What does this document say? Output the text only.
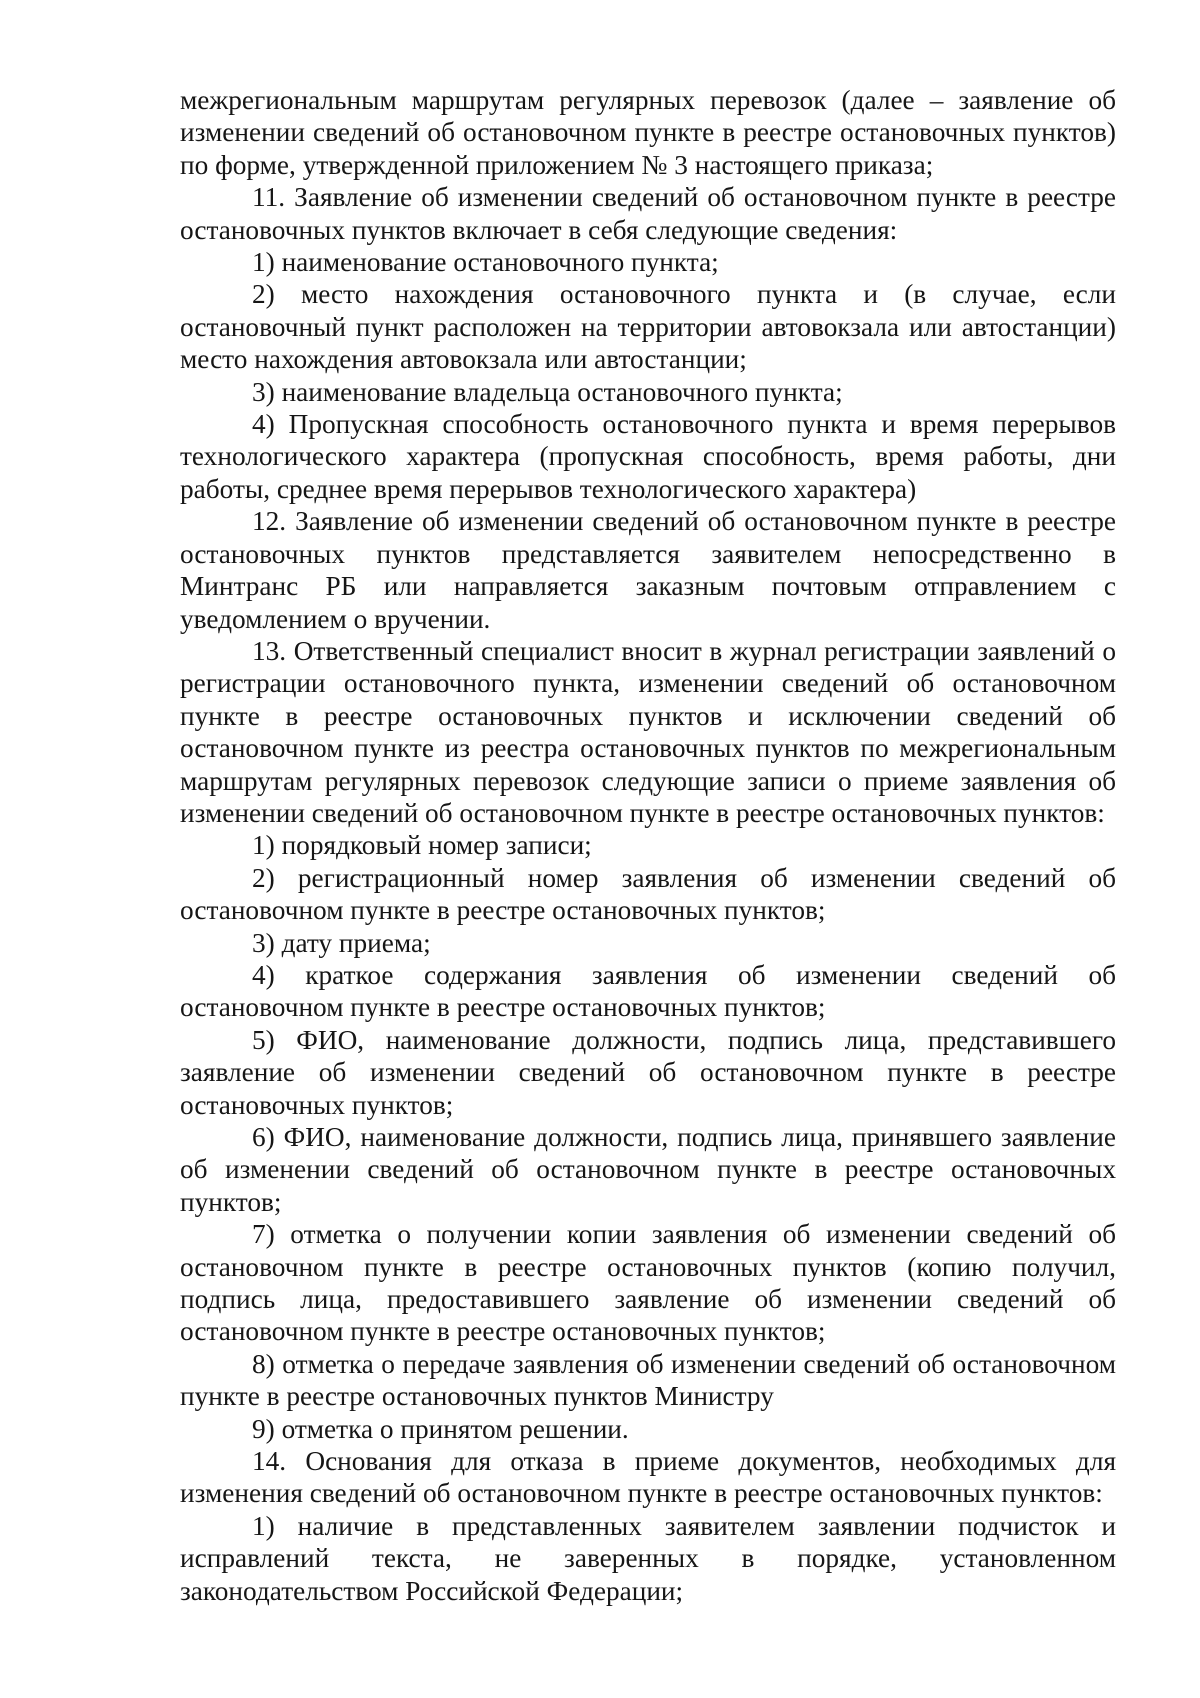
межрегиональным маршрутам регулярных перевозок (далее – заявление об изменении сведений об остановочном пункте в реестре остановочных пунктов) по форме, утвержденной приложением № 3 настоящего приказа;

11. Заявление об изменении сведений об остановочном пункте в реестре остановочных пунктов включает в себя следующие сведения:

1) наименование остановочного пункта;

2) место нахождения остановочного пункта и (в случае, если остановочный пункт расположен на территории автовокзала или автостанции) место нахождения автовокзала или автостанции;

3) наименование владельца остановочного пункта;

4) Пропускная способность остановочного пункта и время перерывов технологического характера (пропускная способность, время работы, дни работы, среднее время перерывов технологического характера)

12. Заявление об изменении сведений об остановочном пункте в реестре остановочных пунктов представляется заявителем непосредственно в Минтранс РБ или направляется заказным почтовым отправлением с уведомлением о вручении.

13. Ответственный специалист вносит в журнал регистрации заявлений о регистрации остановочного пункта, изменении сведений об остановочном пункте в реестре остановочных пунктов и исключении сведений об остановочном пункте из реестра остановочных пунктов по межрегиональным маршрутам регулярных перевозок следующие записи о приеме заявления об изменении сведений об остановочном пункте в реестре остановочных пунктов:

1) порядковый номер записи;

2) регистрационный номер заявления об изменении сведений об остановочном пункте в реестре остановочных пунктов;

3) дату приема;

4) краткое содержания заявления об изменении сведений об остановочном пункте в реестре остановочных пунктов;

5) ФИО, наименование должности, подпись лица, представившего заявление об изменении сведений об остановочном пункте в реестре остановочных пунктов;

6) ФИО, наименование должности, подпись лица, принявшего заявление об изменении сведений об остановочном пункте в реестре остановочных пунктов;

7) отметка о получении копии заявления об изменении сведений об остановочном пункте в реестре остановочных пунктов (копию получил, подпись лица, предоставившего заявление об изменении сведений об остановочном пункте в реестре остановочных пунктов;

8) отметка о передаче заявления об изменении сведений об остановочном пункте в реестре остановочных пунктов Министру

9) отметка о принятом решении.

14. Основания для отказа в приеме документов, необходимых для изменения сведений об остановочном пункте в реестре остановочных пунктов:

1) наличие в представленных заявителем заявлении подчисток и исправлений текста, не заверенных в порядке, установленном законодательством Российской Федерации;
